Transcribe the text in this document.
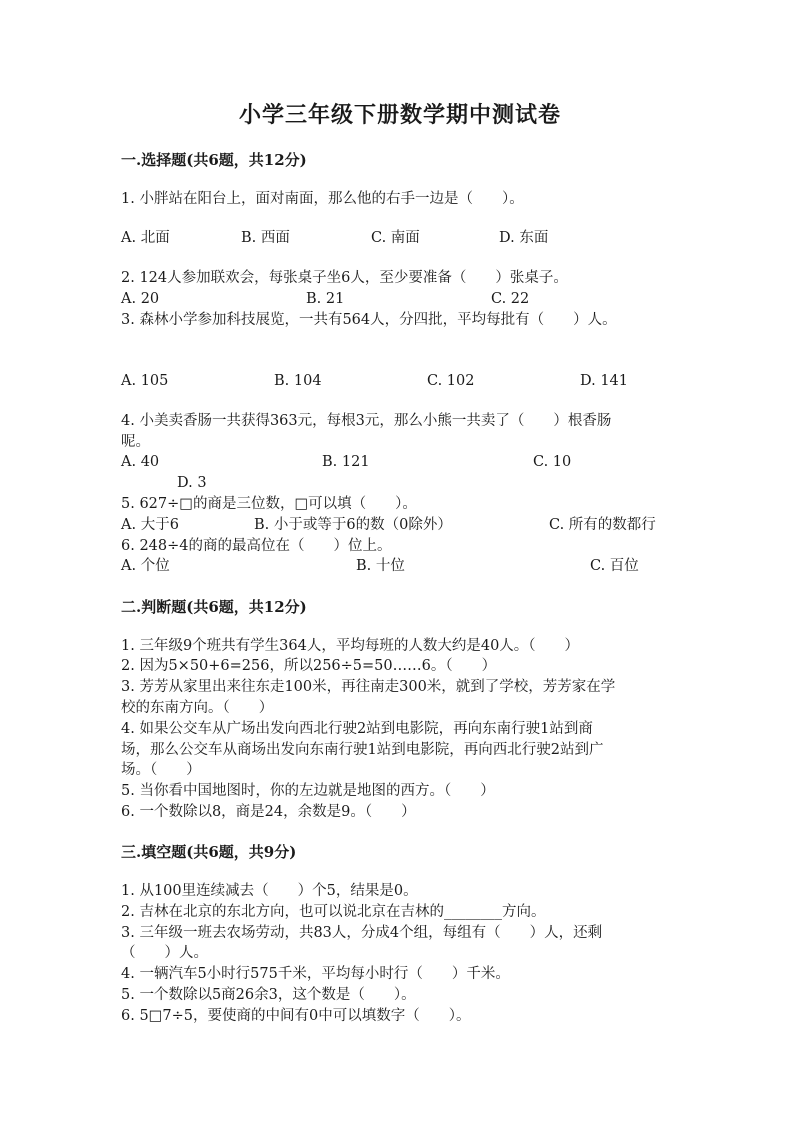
小学三年级下册数学期中测试卷
一.选择题(共6题，共12分)
1. 小胖站在阳台上，面对南面，那么他的右手一边是（　　）。
A. 北面	B. 西面	C. 南面	D. 东面
2. 124人参加联欢会，每张桌子坐6人，至少要准备（　　）张桌子。
A. 20	B. 21	C. 22
3. 森林小学参加科技展览，一共有564人，分四批，平均每批有（　　）人。
A. 105	B. 104	C. 102	D. 141
4. 小美卖香肠一共获得363元，每根3元，那么小熊一共卖了（　　）根香肠
呢。
A. 40	B. 121	C. 10
D. 3
5. 627÷□的商是三位数，□可以填（　　）。
A. 大于6	B. 小于或等于6的数（0除外）	C. 所有的数都行
6. 248÷4的商的最高位在（　　）位上。
A. 个位	B. 十位	C. 百位
二.判断题(共6题，共12分)
1. 三年级9个班共有学生364人，平均每班的人数大约是40人。（　　）
2. 因为5×50+6=256，所以256÷5=50……6。（　　）
3. 芳芳从家里出来往东走100米，再往南走300米，就到了学校，芳芳家在学
校的东南方向。（　　）
4. 如果公交车从广场出发向西北行驶2站到电影院，再向东南行驶1站到商
场，那么公交车从商场出发向东南行驶1站到电影院，再向西北行驶2站到广
场。（　　）
5. 当你看中国地图时，你的左边就是地图的西方。（　　）
6. 一个数除以8，商是24，余数是9。（　　）
三.填空题(共6题，共9分)
1. 从100里连续减去（　　）个5，结果是0。
2. 吉林在北京的东北方向，也可以说北京在吉林的________方向。
3. 三年级一班去农场劳动，共83人，分成4个组，每组有（　　）人，还剩
（　　）人。
4. 一辆汽车5小时行575千米，平均每小时行（　　）千米。
5. 一个数除以5商26余3，这个数是（　　）。
6. 5□7÷5，要使商的中间有0中可以填数字（　　）。
